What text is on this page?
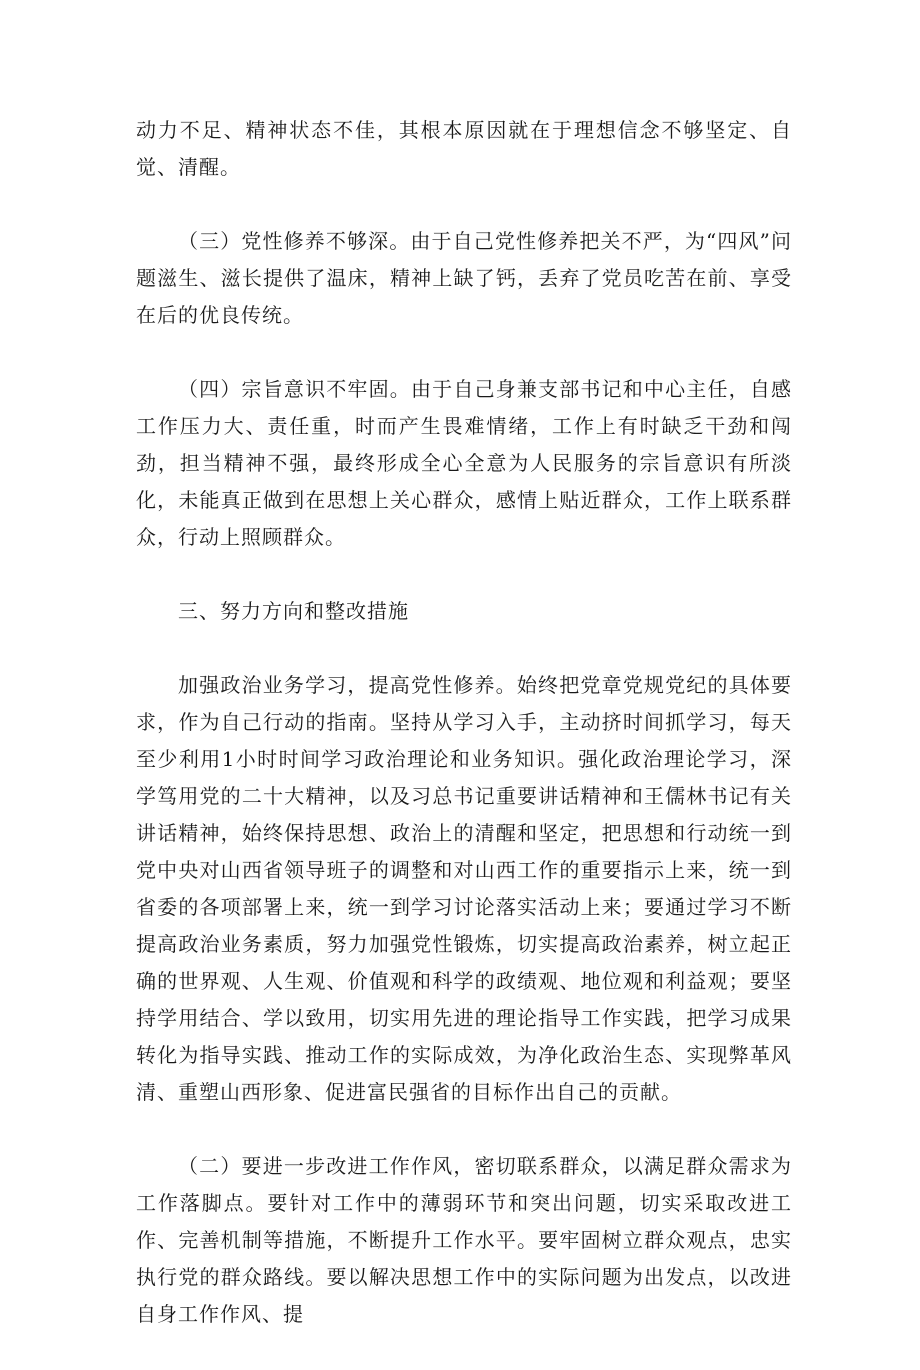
动力不足、精神状态不佳，其根本原因就在于理想信念不够坚定、自觉、清醒。

（三）党性修养不够深。由于自己党性修养把关不严，为“四风”问题滋生、滋长提供了温床，精神上缺了钙，丢弃了党员吃苦在前、享受在后的优良传统。

（四）宗旨意识不牢固。由于自己身兼支部书记和中心主任，自感工作压力大、责任重，时而产生畏难情绪，工作上有时缺乏干劲和闯劲，担当精神不强，最终形成全心全意为人民服务的宗旨意识有所淡化，未能真正做到在思想上关心群众，感情上贴近群众，工作上联系群众，行动上照顾群众。

三、努力方向和整改措施

加强政治业务学习，提高党性修养。始终把党章党规党纪的具体要求，作为自己行动的指南。坚持从学习入手，主动挤时间抓学习，每天至少利用1小时时间学习政治理论和业务知识。强化政治理论学习，深学笃用党的二十大精神，以及习总书记重要讲话精神和王儒林书记有关讲话精神，始终保持思想、政治上的清醒和坚定，把思想和行动统一到党中央对山西省领导班子的调整和对山西工作的重要指示上来，统一到省委的各项部署上来，统一到学习讨论落实活动上来；要通过学习不断提高政治业务素质，努力加强党性锻炼，切实提高政治素养，树立起正确的世界观、人生观、价值观和科学的政绩观、地位观和利益观；要坚持学用结合、学以致用，切实用先进的理论指导工作实践，把学习成果转化为指导实践、推动工作的实际成效，为净化政治生态、实现弊革风清、重塑山西形象、促进富民强省的目标作出自己的贡献。

（二）要进一步改进工作作风，密切联系群众，以满足群众需求为工作落脚点。要针对工作中的薄弱环节和突出问题，切实采取改进工作、完善机制等措施，不断提升工作水平。要牢固树立群众观点，忠实执行党的群众路线。要以解决思想工作中的实际问题为出发点，以改进自身工作作风、提
